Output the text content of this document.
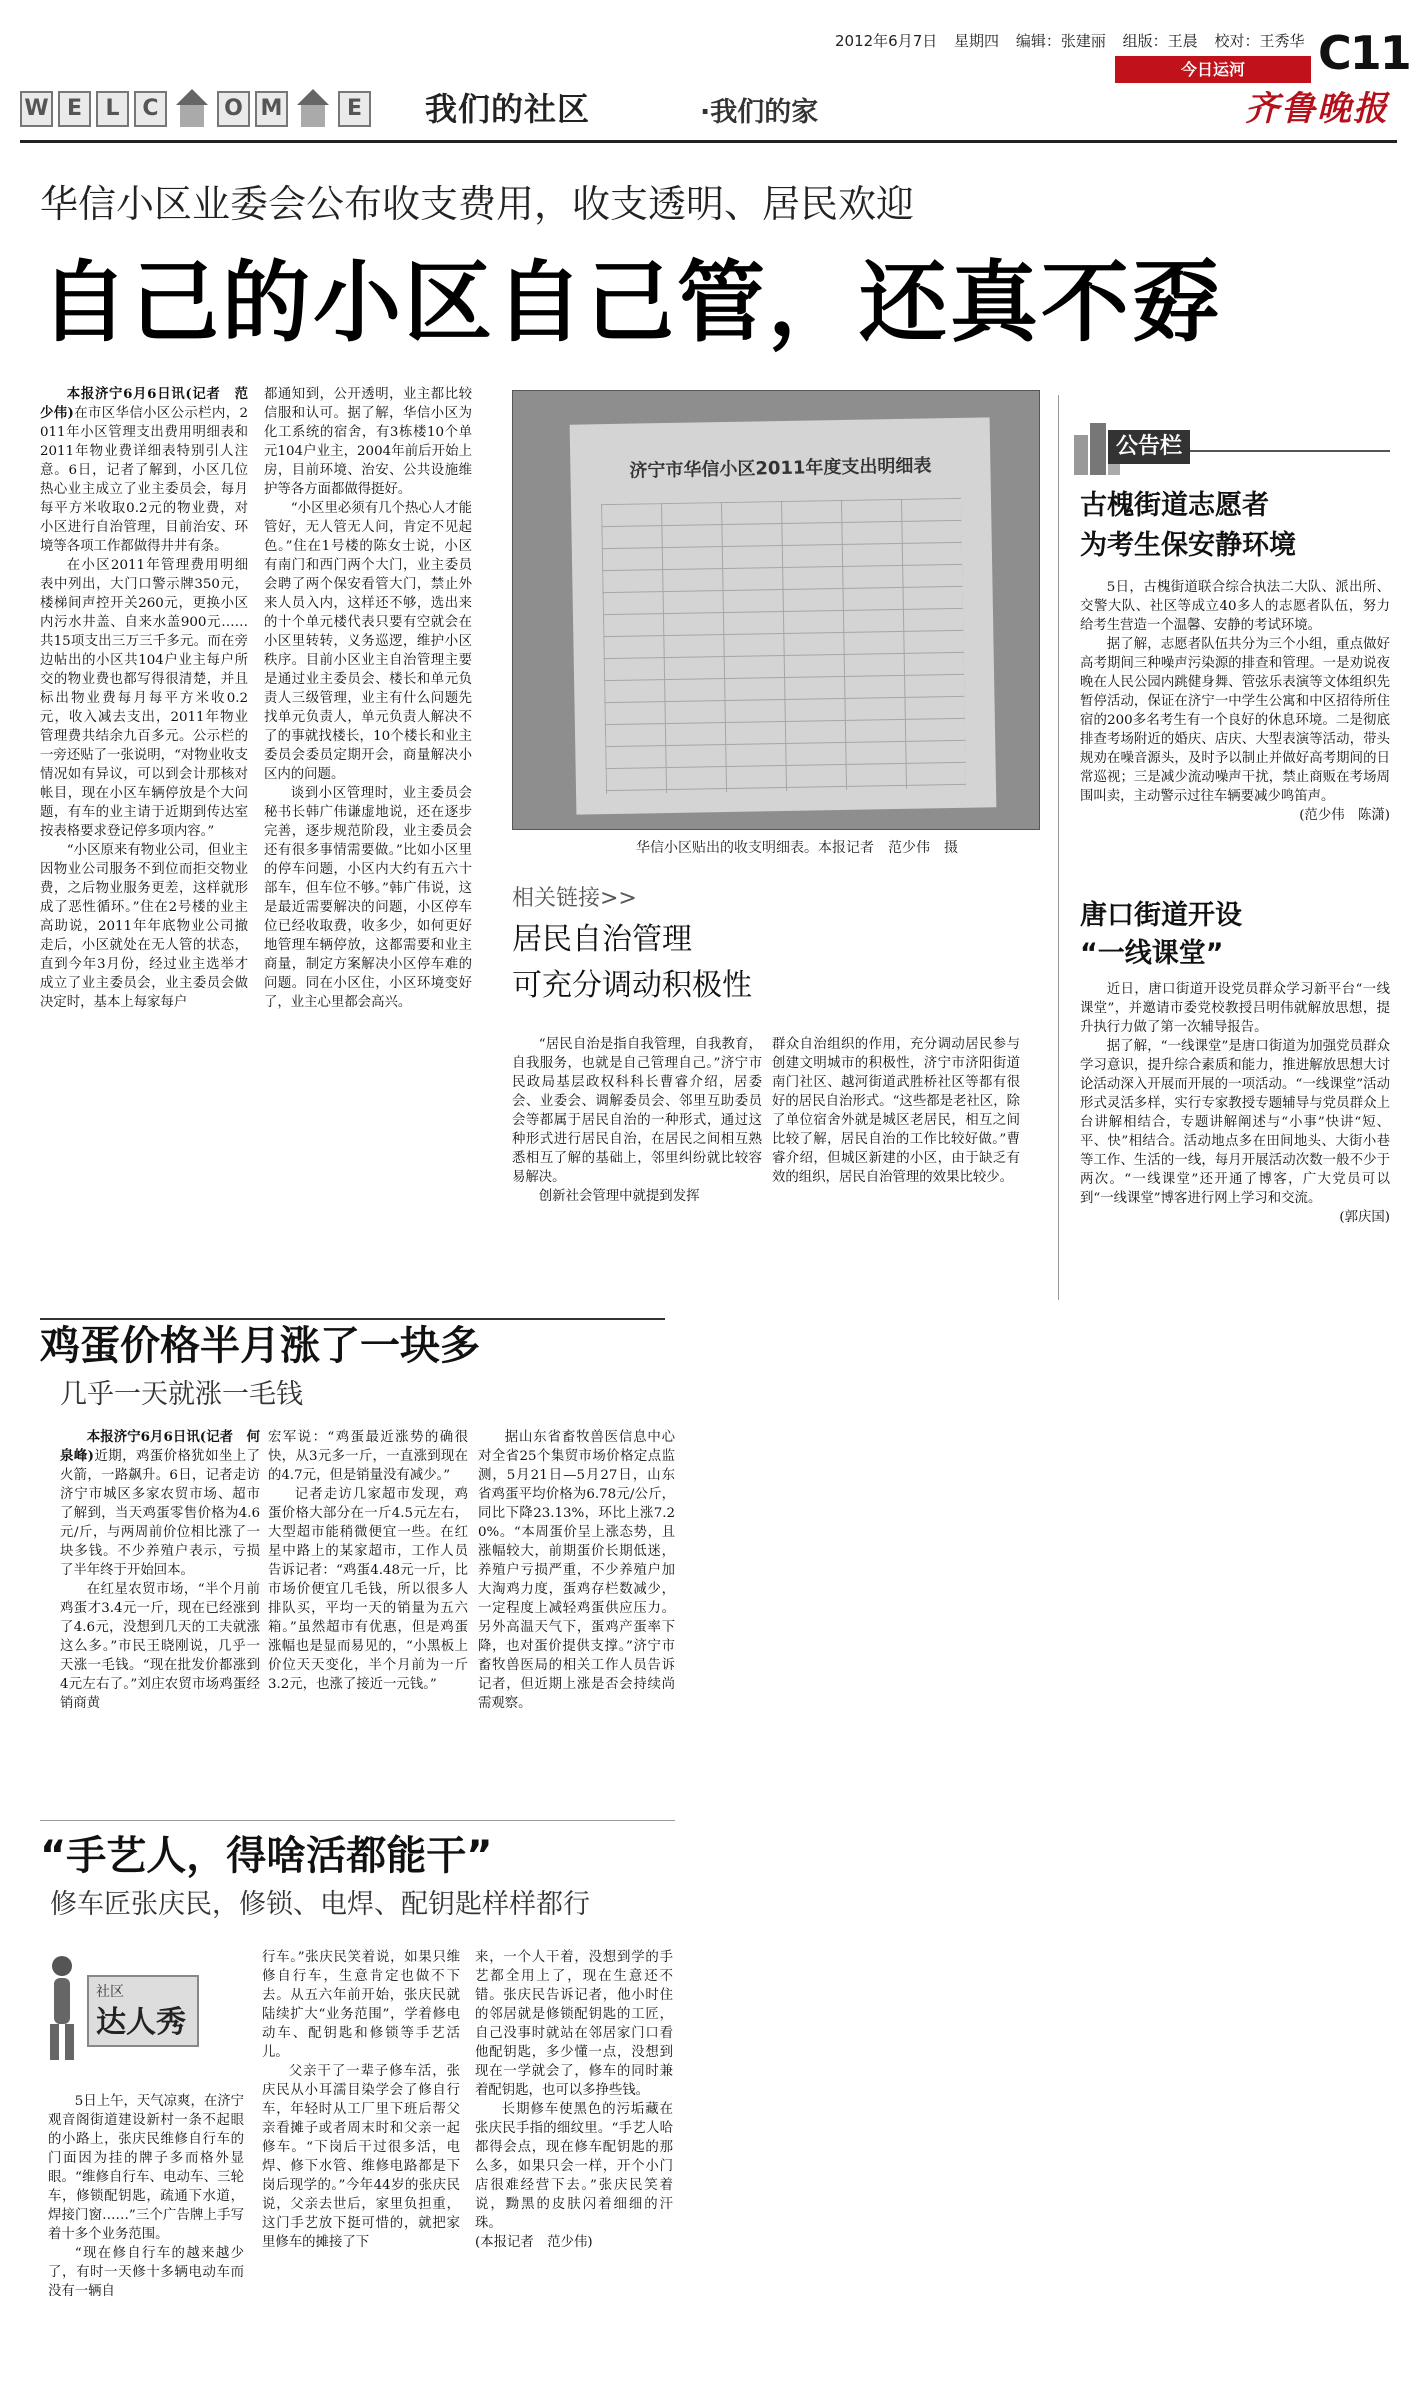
2012年6月7日 星期四 编辑：张建丽 组版：王晨 校对：王秀华 C11
今日运河
W E	L	C	O M	E 我们的社区	·我们的家	齐鲁晚报
华信小区业委会公布收支费用，收支透明、居民欢迎
自己的小区自己管，还真不孬

本报济宁6月6日讯(记者　范少伟)在市区华信小区公示栏内，2011年小区管理支出费用明细表和2011年物业费详细表特别引人注意。6日，记者了解到，小区几位热心业主成立了业主委员会，每月每平方米收取0.2元的物业费，对小区进行自治管理，目前治安、环境等各项工作都做得井井有条。

在小区2011年管理费用明细表中列出，大门口警示牌350元，楼梯间声控开关260元，更换小区内污水井盖、自来水盖900元……共15项支出三万三千多元。而在旁边帖出的小区共104户业主每户所交的物业费也都写得很清楚，并且标出物业费每月每平方米收0.2元，收入减去支出，2011年物业管理费共结余九百多元。公示栏的一旁还贴了一张说明，“对物业收支情况如有异议，可以到会计那核对帐目，现在小区车辆停放是个大问题，有车的业主请于近期到传达室按表格要求登记停多项内容。”

“小区原来有物业公司，但业主因物业公司服务不到位而拒交物业费，之后物业服务更差，这样就形成了恶性循环。”住在2号楼的业主高助说，2011年年底物业公司撤走后，小区就处在无人管的状态，直到今年3月份，经过业主选举才成立了业主委员会，业主委员会做决定时，基本上每家每户

都通知到，公开透明，业主都比较信服和认可。据了解，华信小区为化工系统的宿舍，有3栋楼10个单元104户业主，2004年前后开始上房，目前环境、治安、公共设施维护等各方面都做得挺好。

“小区里必须有几个热心人才能管好，无人管无人问，肯定不见起色。”住在1号楼的陈女士说，小区有南门和西门两个大门，业主委员会聘了两个保安看管大门，禁止外来人员入内，这样还不够，选出来的十个单元楼代表只要有空就会在小区里转转，义务巡逻，维护小区秩序。目前小区业主自治管理主要是通过业主委员会、楼长和单元负责人三级管理，业主有什么问题先找单元负责人，单元负责人解决不了的事就找楼长，10个楼长和业主委员会委员定期开会，商量解决小区内的问题。

谈到小区管理时，业主委员会秘书长韩广伟谦虚地说，还在逐步完善，逐步规范阶段，业主委员会还有很多事情需要做。”比如小区里的停车问题，小区内大约有五六十部车，但车位不够。”韩广伟说，这是最近需要解决的问题，小区停车位已经收取费，收多少，如何更好地管理车辆停放，这都需要和业主商量，制定方案解决小区停车难的问题。同在小区住，小区环境变好了，业主心里都会高兴。

济宁市华信小区2011年度支出明细表
华信小区贴出的收支明细表。本报记者　范少伟　摄
相关链接>>
居民自治管理
可充分调动积极性

“居民自治是指自我管理，自我教育，自我服务，也就是自己管理自己。”济宁市民政局基层政权科科长曹睿介绍，居委会、业委会、调解委员会、邻里互助委员会等都属于居民自治的一种形式，通过这种形式进行居民自治，在居民之间相互熟悉相互了解的基础上，邻里纠纷就比较容易解决。

创新社会管理中就提到发挥

群众自治组织的作用，充分调动居民参与创建文明城市的积极性，济宁市济阳街道南门社区、越河街道武胜桥社区等都有很好的居民自治形式。“这些都是老社区，除了单位宿舍外就是城区老居民，相互之间比较了解，居民自治的工作比较好做。”曹睿介绍，但城区新建的小区，由于缺乏有效的组织，居民自治管理的效果比较少。

公告栏
古槐街道志愿者
为考生保安静环境

5日，古槐街道联合综合执法二大队、派出所、交警大队、社区等成立40多人的志愿者队伍，努力给考生营造一个温馨、安静的考试环境。

据了解，志愿者队伍共分为三个小组，重点做好高考期间三种噪声污染源的排查和管理。一是劝说夜晚在人民公园内跳健身舞、管弦乐表演等文体组织先暂停活动，保证在济宁一中学生公寓和中区招待所住宿的200多名考生有一个良好的休息环境。二是彻底排查考场附近的婚庆、店庆、大型表演等活动，带头规劝在噪音源头，及时予以制止并做好高考期间的日常巡视；三是减少流动噪声干扰，禁止商贩在考场周围叫卖，主动警示过往车辆要减少鸣笛声。

(范少伟　陈潇)

唐口街道开设
“一线课堂”

近日，唐口街道开设党员群众学习新平台“一线课堂”，并邀请市委党校教授吕明伟就解放思想，提升执行力做了第一次辅导报告。

据了解，“一线课堂”是唐口街道为加强党员群众学习意识，提升综合素质和能力，推进解放思想大讨论活动深入开展而开展的一项活动。“一线课堂”活动形式灵活多样，实行专家教授专题辅导与党员群众上台讲解相结合，专题讲解阐述与“小事”快讲“短、平、快”相结合。活动地点多在田间地头、大街小巷等工作、生活的一线，每月开展活动次数一般不少于两次。“一线课堂”还开通了博客，广大党员可以到“一线课堂”博客进行网上学习和交流。

(郭庆国)

鸡蛋价格半月涨了一块多
几乎一天就涨一毛钱

本报济宁6月6日讯(记者　何泉峰)近期，鸡蛋价格犹如坐上了火箭，一路飙升。6日，记者走访济宁市城区多家农贸市场、超市了解到，当天鸡蛋零售价格为4.6元/斤，与两周前价位相比涨了一块多钱。不少养殖户表示，亏损了半年终于开始回本。

在红星农贸市场，“半个月前鸡蛋才3.4元一斤，现在已经涨到了4.6元，没想到几天的工夫就涨这么多。”市民王晓刚说，几乎一天涨一毛钱。“现在批发价都涨到4元左右了。”刘庄农贸市场鸡蛋经销商黄

宏军说：“鸡蛋最近涨势的确很快，从3元多一斤，一直涨到现在的4.7元，但是销量没有减少。”

记者走访几家超市发现，鸡蛋价格大部分在一斤4.5元左右，大型超市能稍微便宜一些。在红星中路上的某家超市，工作人员告诉记者：“鸡蛋4.48元一斤，比市场价便宜几毛钱，所以很多人排队买，平均一天的销量为五六箱。”虽然超市有优惠，但是鸡蛋涨幅也是显而易见的，“小黑板上价位天天变化，半个月前为一斤3.2元，也涨了接近一元钱。”

据山东省畜牧兽医信息中心对全省25个集贸市场价格定点监测，5月21日—5月27日，山东省鸡蛋平均价格为6.78元/公斤，同比下降23.13%，环比上涨7.20%。“本周蛋价呈上涨态势，且涨幅较大，前期蛋价长期低迷，养殖户亏损严重，不少养殖户加大淘鸡力度，蛋鸡存栏数减少，一定程度上减轻鸡蛋供应压力。另外高温天气下，蛋鸡产蛋率下降，也对蛋价提供支撑。”济宁市畜牧兽医局的相关工作人员告诉记者，但近期上涨是否会持续尚需观察。

“手艺人，得啥活都能干”
修车匠张庆民，修锁、电焊、配钥匙样样都行
社区
达人秀

5日上午，天气凉爽，在济宁观音阁街道建设新村一条不起眼的小路上，张庆民维修自行车的门面因为挂的牌子多而格外显眼。“维修自行车、电动车、三轮车，修锁配钥匙，疏通下水道，焊接门窗……”三个广告牌上手写着十多个业务范围。

“现在修自行车的越来越少了，有时一天修十多辆电动车而没有一辆自

行车。”张庆民笑着说，如果只维修自行车，生意肯定也做不下去。从五六年前开始，张庆民就陆续扩大“业务范围”，学着修电动车、配钥匙和修锁等手艺活儿。

父亲干了一辈子修车活，张庆民从小耳濡目染学会了修自行车，年轻时从工厂里下班后帮父亲看摊子或者周末时和父亲一起修车。“下岗后干过很多活，电焊、修下水管、维修电路都是下岗后现学的。”今年44岁的张庆民说，父亲去世后，家里负担重，这门手艺放下挺可惜的，就把家里修车的摊接了下

来，一个人干着，没想到学的手艺都全用上了，现在生意还不错。张庆民告诉记者，他小时住的邻居就是修锁配钥匙的工匠，自己没事时就站在邻居家门口看他配钥匙，多少懂一点，没想到现在一学就会了，修车的同时兼着配钥匙，也可以多挣些钱。

长期修车使黑色的污垢藏在张庆民手指的细纹里。“手艺人哈都得会点，现在修车配钥匙的那么多，如果只会一样，开个小门店很难经营下去。”张庆民笑着说，黝黑的皮肤闪着细细的汗珠。

(本报记者　范少伟)
